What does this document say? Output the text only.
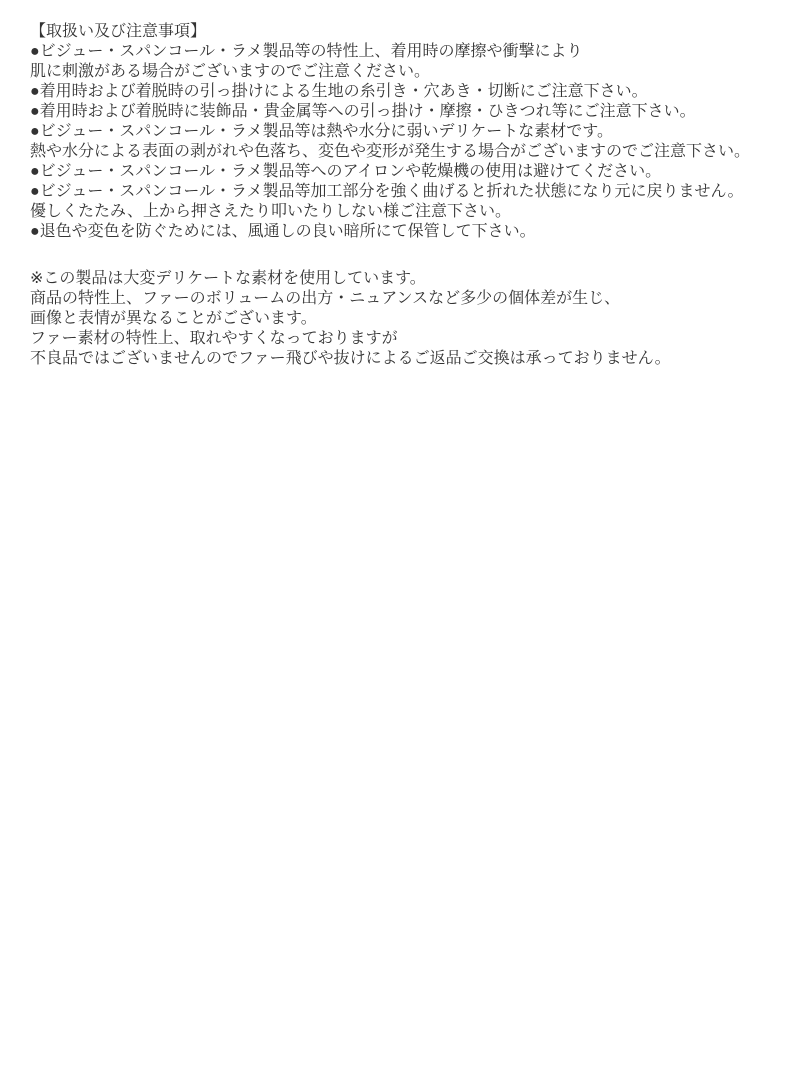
【取扱い及び注意事項】
●ビジュー・スパンコール・ラメ製品等の特性上、着用時の摩擦や衝撃により
肌に刺激がある場合がございますのでご注意ください。
●着用時および着脱時の引っ掛けによる生地の糸引き・穴あき・切断にご注意下さい。
●着用時および着脱時に装飾品・貴金属等への引っ掛け・摩擦・ひきつれ等にご注意下さい。
●ビジュー・スパンコール・ラメ製品等は熱や水分に弱いデリケートな素材です。
熱や水分による表面の剥がれや色落ち、変色や変形が発生する場合がございますのでご注意下さい。
●ビジュー・スパンコール・ラメ製品等へのアイロンや乾燥機の使用は避けてください。
●ビジュー・スパンコール・ラメ製品等加工部分を強く曲げると折れた状態になり元に戻りません。
優しくたたみ、上から押さえたり叩いたりしない様ご注意下さい。
●退色や変色を防ぐためには、風通しの良い暗所にて保管して下さい。
※この製品は大変デリケートな素材を使用しています。
商品の特性上、ファーのボリュームの出方・ニュアンスなど多少の個体差が生じ、
画像と表情が異なることがございます。
ファー素材の特性上、取れやすくなっておりますが
不良品ではございませんのでファー飛びや抜けによるご返品ご交換は承っておりません。
